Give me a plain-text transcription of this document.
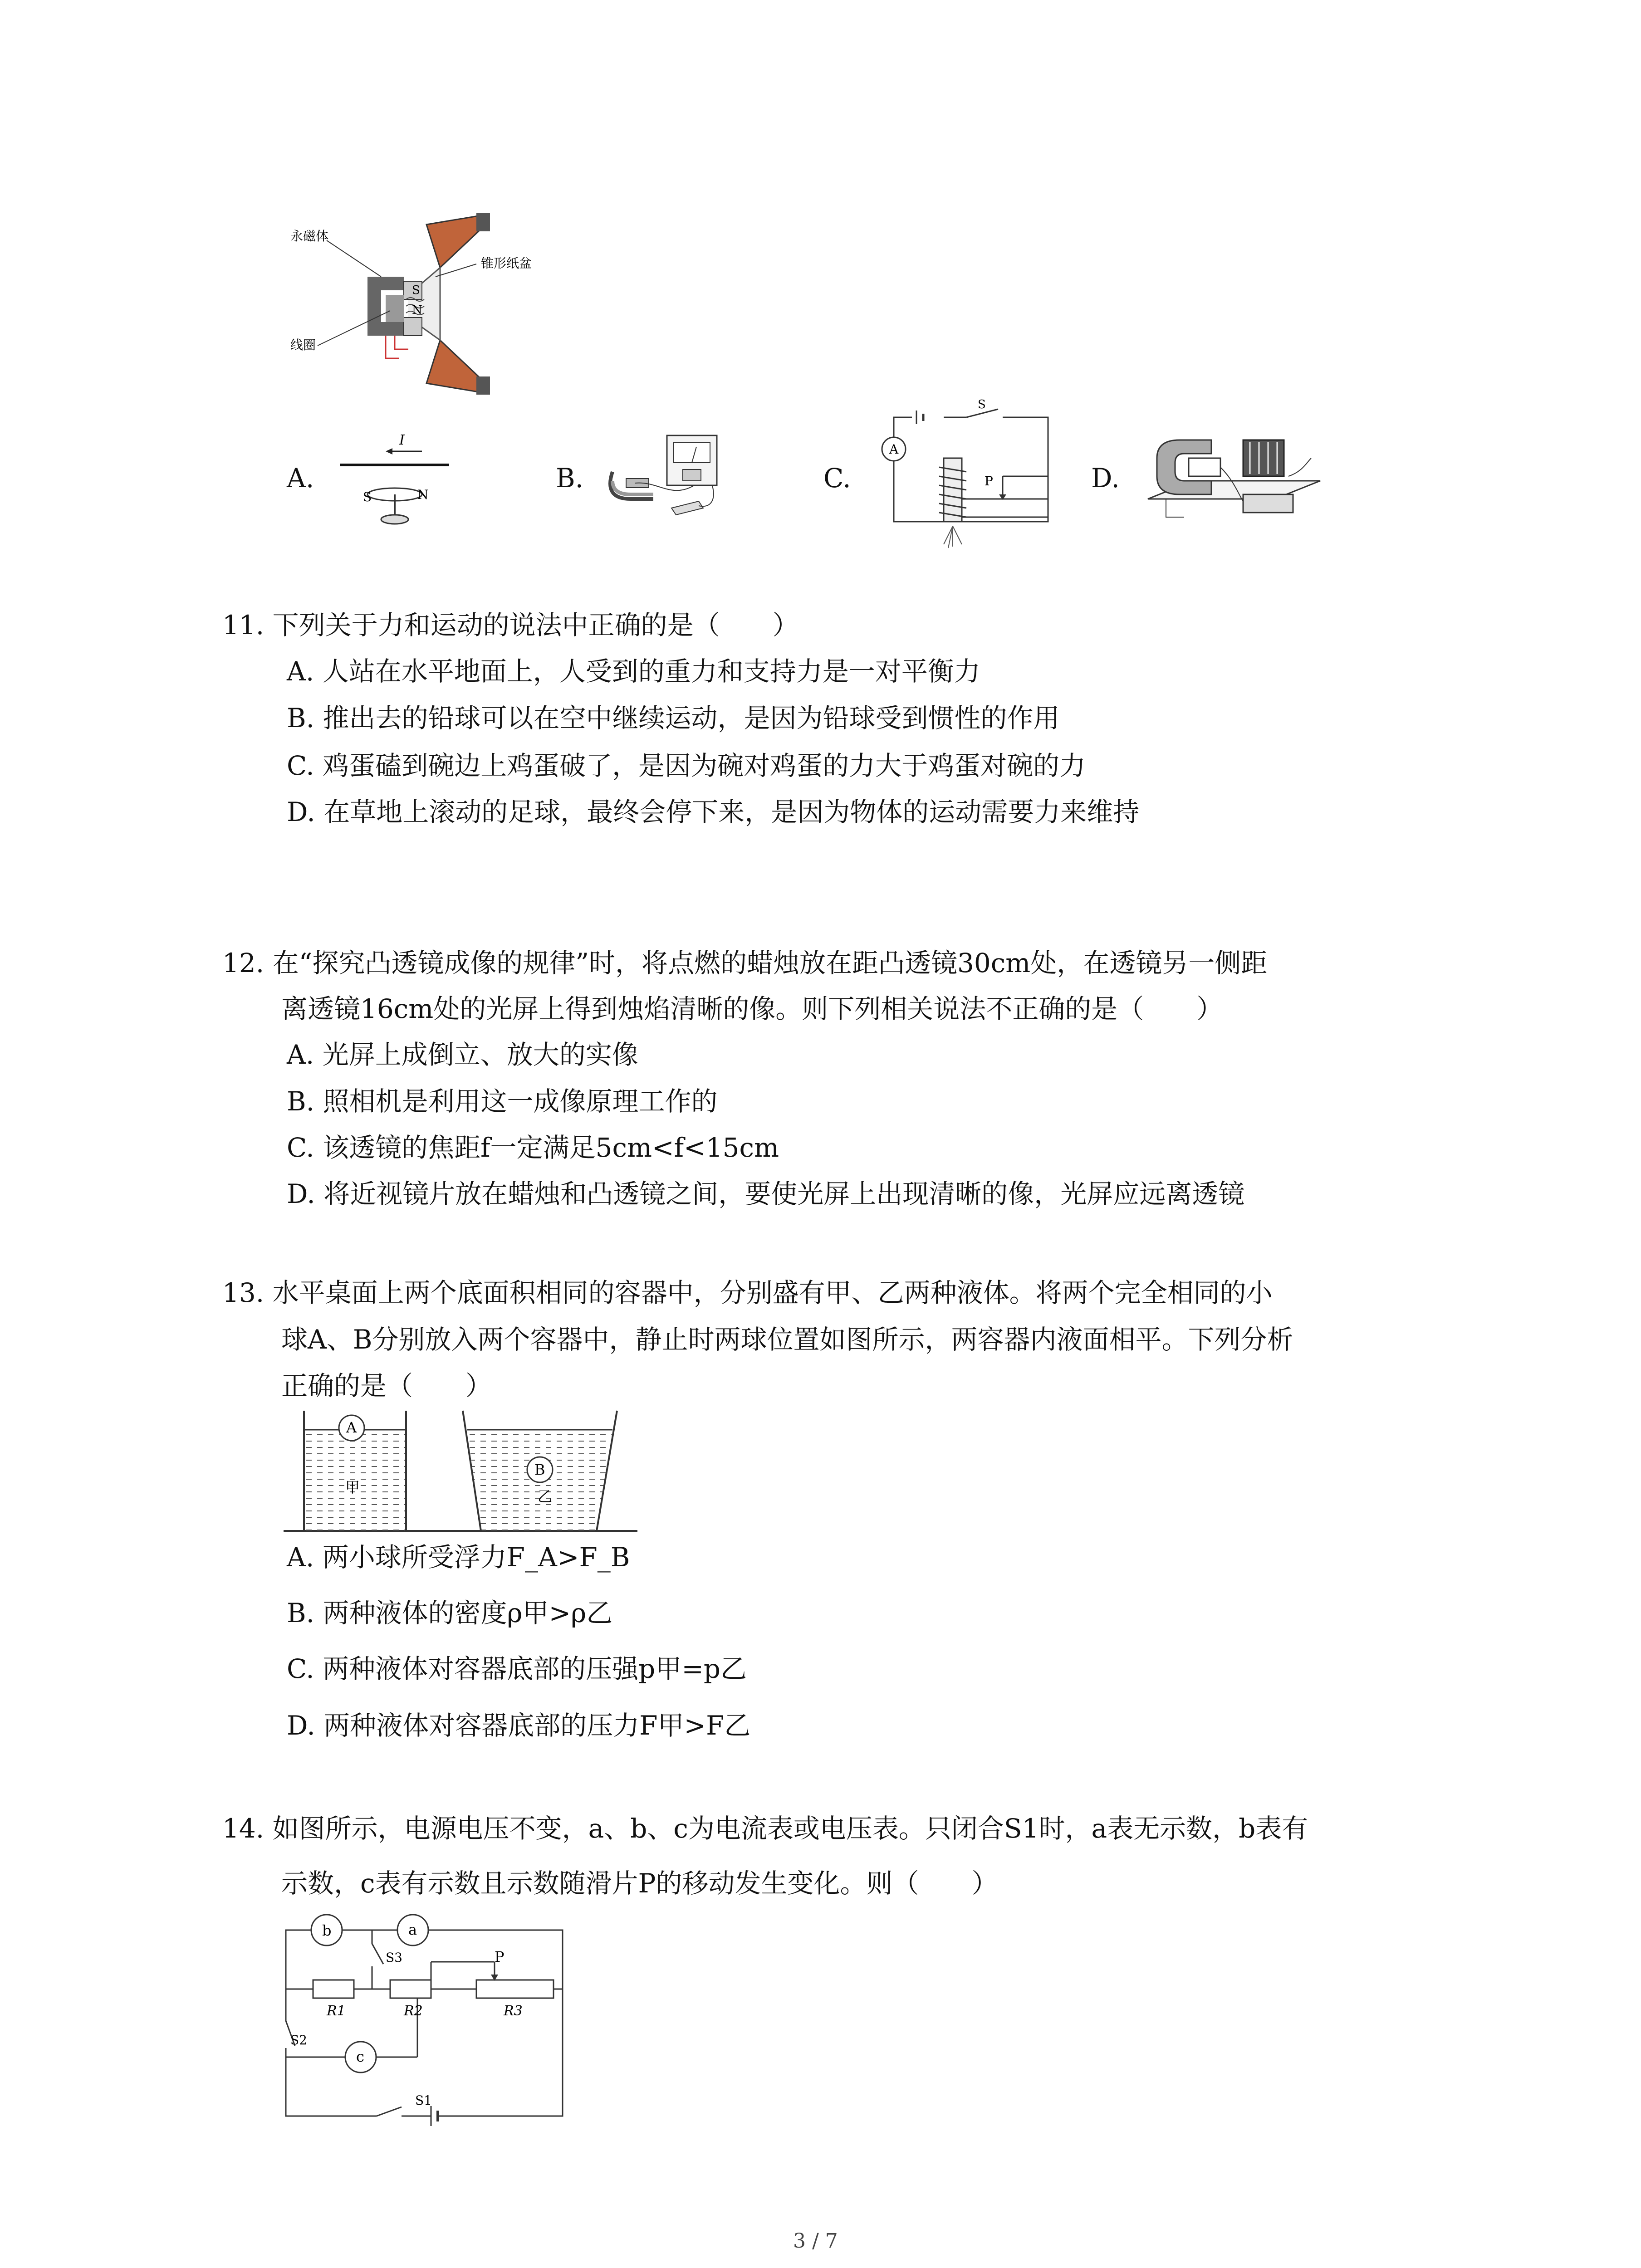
S
N
永磁体
锥形纸盆
线圈
A.
I
S	N
B.	C.
S
A
P	D.
11. 下列关于力和运动的说法中正确的是（　　）
A. 人站在水平地面上，人受到的重力和支持力是一对平衡力
B. 推出去的铅球可以在空中继续运动，是因为铅球受到惯性的作用
C. 鸡蛋磕到碗边上鸡蛋破了，是因为碗对鸡蛋的力大于鸡蛋对碗的力
D. 在草地上滚动的足球，最终会停下来，是因为物体的运动需要力来维持
12. 在“探究凸透镜成像的规律”时，将点燃的蜡烛放在距凸透镜30cm处，在透镜另一侧距
离透镜16cm处的光屏上得到烛焰清晰的像。则下列相关说法不正确的是（　　）
A. 光屏上成倒立、放大的实像
B. 照相机是利用这一成像原理工作的
C. 该透镜的焦距f一定满足5cm<f<15cm
D. 将近视镜片放在蜡烛和凸透镜之间，要使光屏上出现清晰的像，光屏应远离透镜
13. 水平桌面上两个底面积相同的容器中，分别盛有甲、乙两种液体。将两个完全相同的小
球A、B分别放入两个容器中，静止时两球位置如图所示，两容器内液面相平。下列分析
正确的是（　　）
A
甲
B
乙
A. 两小球所受浮力F_A>F_B
B. 两种液体的密度ρ甲>ρ乙
C. 两种液体对容器底部的压强p甲=p乙
D. 两种液体对容器底部的压力F甲>F乙
14. 如图所示，电源电压不变，a、b、c为电流表或电压表。只闭合S1时，a表无示数，b表有
示数，c表有示数且示数随滑片P的移动发生变化。则（　　）
P
R1	R2	R3
b	a
c
S3
S2
S1
3 / 7
